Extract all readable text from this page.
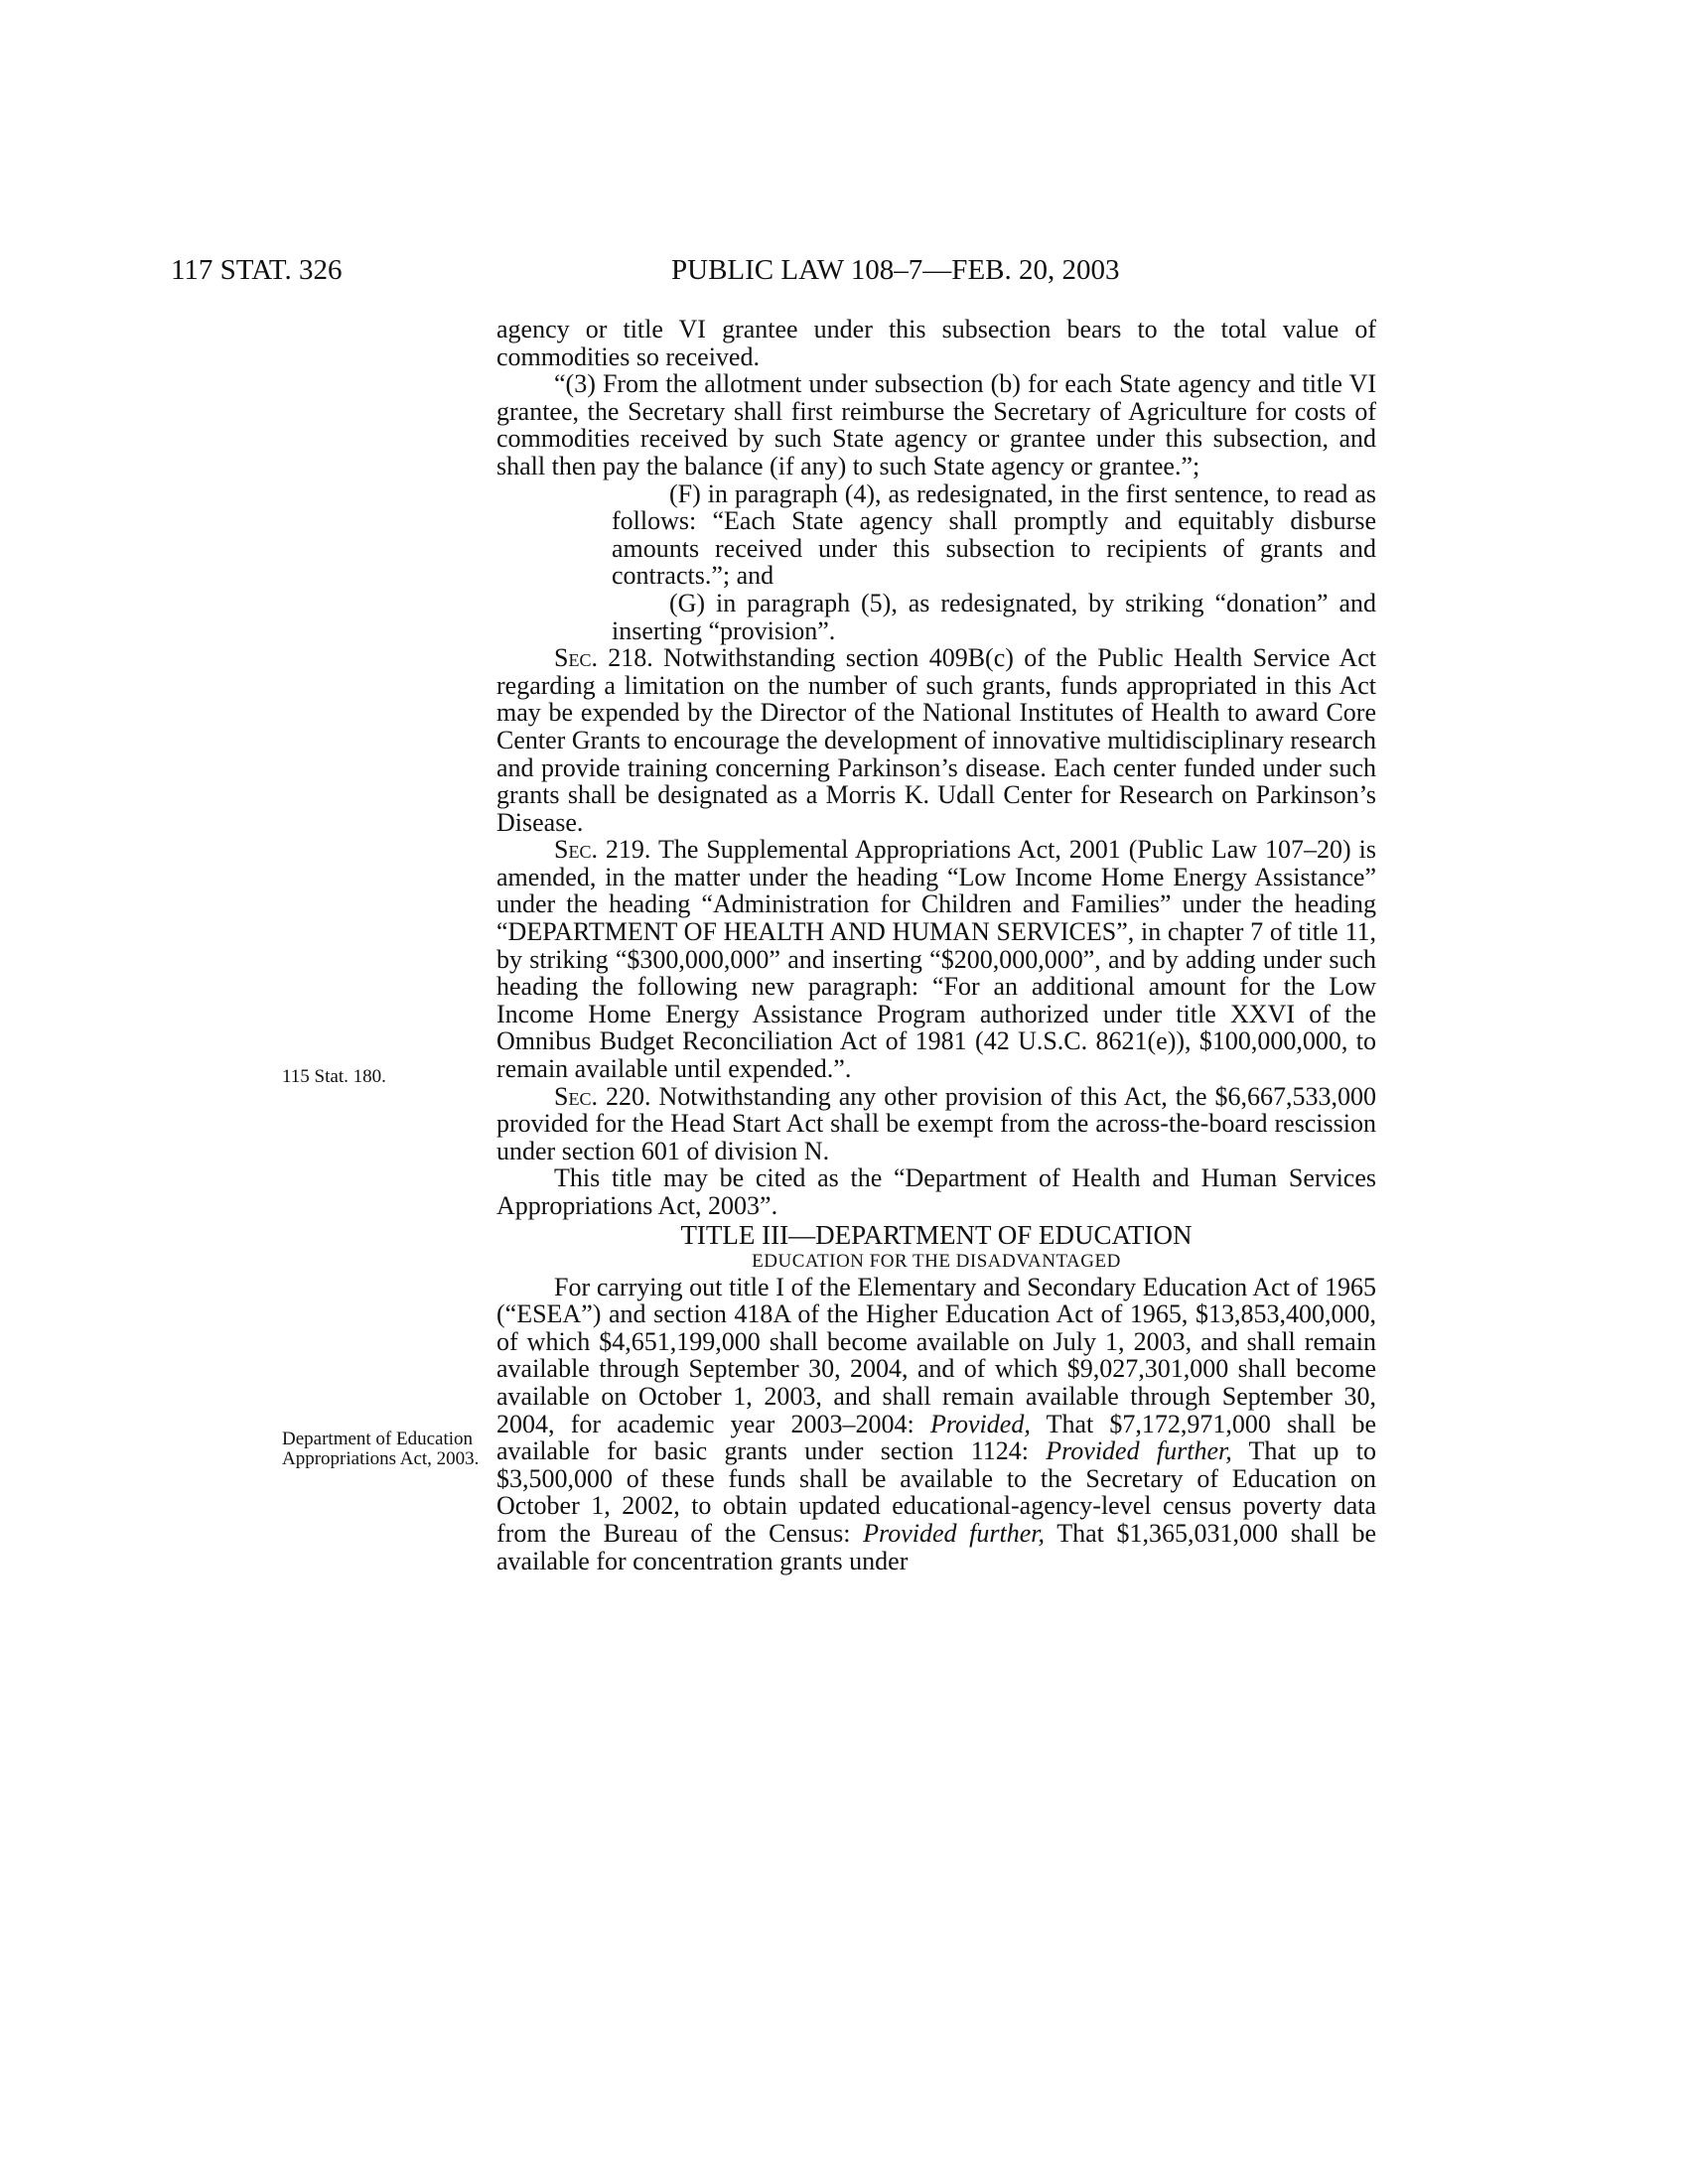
117 STAT. 326	PUBLIC LAW 108–7—FEB. 20, 2003
115 Stat. 180.
Department of Education Appropriations Act, 2003.

agency or title VI grantee under this subsection bears to the total value of commodities so received.

“(3) From the allotment under subsection (b) for each State agency and title VI grantee, the Secretary shall first reimburse the Secretary of Agriculture for costs of commodities received by such State agency or grantee under this subsection, and shall then pay the balance (if any) to such State agency or grantee.”;

(F) in paragraph (4), as redesignated, in the first sentence, to read as follows: “Each State agency shall promptly and equitably disburse amounts received under this subsection to recipients of grants and contracts.”; and

(G) in paragraph (5), as redesignated, by striking “donation” and inserting “provision”.

Sec. 218. Notwithstanding section 409B(c) of the Public Health Service Act regarding a limitation on the number of such grants, funds appropriated in this Act may be expended by the Director of the National Institutes of Health to award Core Center Grants to encourage the development of innovative multidisciplinary research and provide training concerning Parkinson’s disease. Each center funded under such grants shall be designated as a Morris K. Udall Center for Research on Parkinson’s Disease.

Sec. 219. The Supplemental Appropriations Act, 2001 (Public Law 107–20) is amended, in the matter under the heading “Low Income Home Energy Assistance” under the heading “Administration for Children and Families” under the heading “DEPARTMENT OF HEALTH AND HUMAN SERVICES”, in chapter 7 of title 11, by striking “$300,000,000” and inserting “$200,000,000”, and by adding under such heading the following new paragraph: “For an additional amount for the Low Income Home Energy Assistance Program authorized under title XXVI of the Omnibus Budget Reconciliation Act of 1981 (42 U.S.C. 8621(e)), $100,000,000, to remain available until expended.”.

Sec. 220. Notwithstanding any other provision of this Act, the $6,667,533,000 provided for the Head Start Act shall be exempt from the across-the-board rescission under section 601 of division N.

This title may be cited as the “Department of Health and Human Services Appropriations Act, 2003”.

TITLE III—DEPARTMENT OF EDUCATION

EDUCATION FOR THE DISADVANTAGED

For carrying out title I of the Elementary and Secondary Education Act of 1965 (“ESEA”) and section 418A of the Higher Education Act of 1965, $13,853,400,000, of which $4,651,199,000 shall become available on July 1, 2003, and shall remain available through September 30, 2004, and of which $9,027,301,000 shall become available on October 1, 2003, and shall remain available through September 30, 2004, for academic year 2003–2004: Provided, That $7,172,971,000 shall be available for basic grants under section 1124: Provided further, That up to $3,500,000 of these funds shall be available to the Secretary of Education on October 1, 2002, to obtain updated educational-agency-level census poverty data from the Bureau of the Census: Provided further, That $1,365,031,000 shall be available for concentration grants under
